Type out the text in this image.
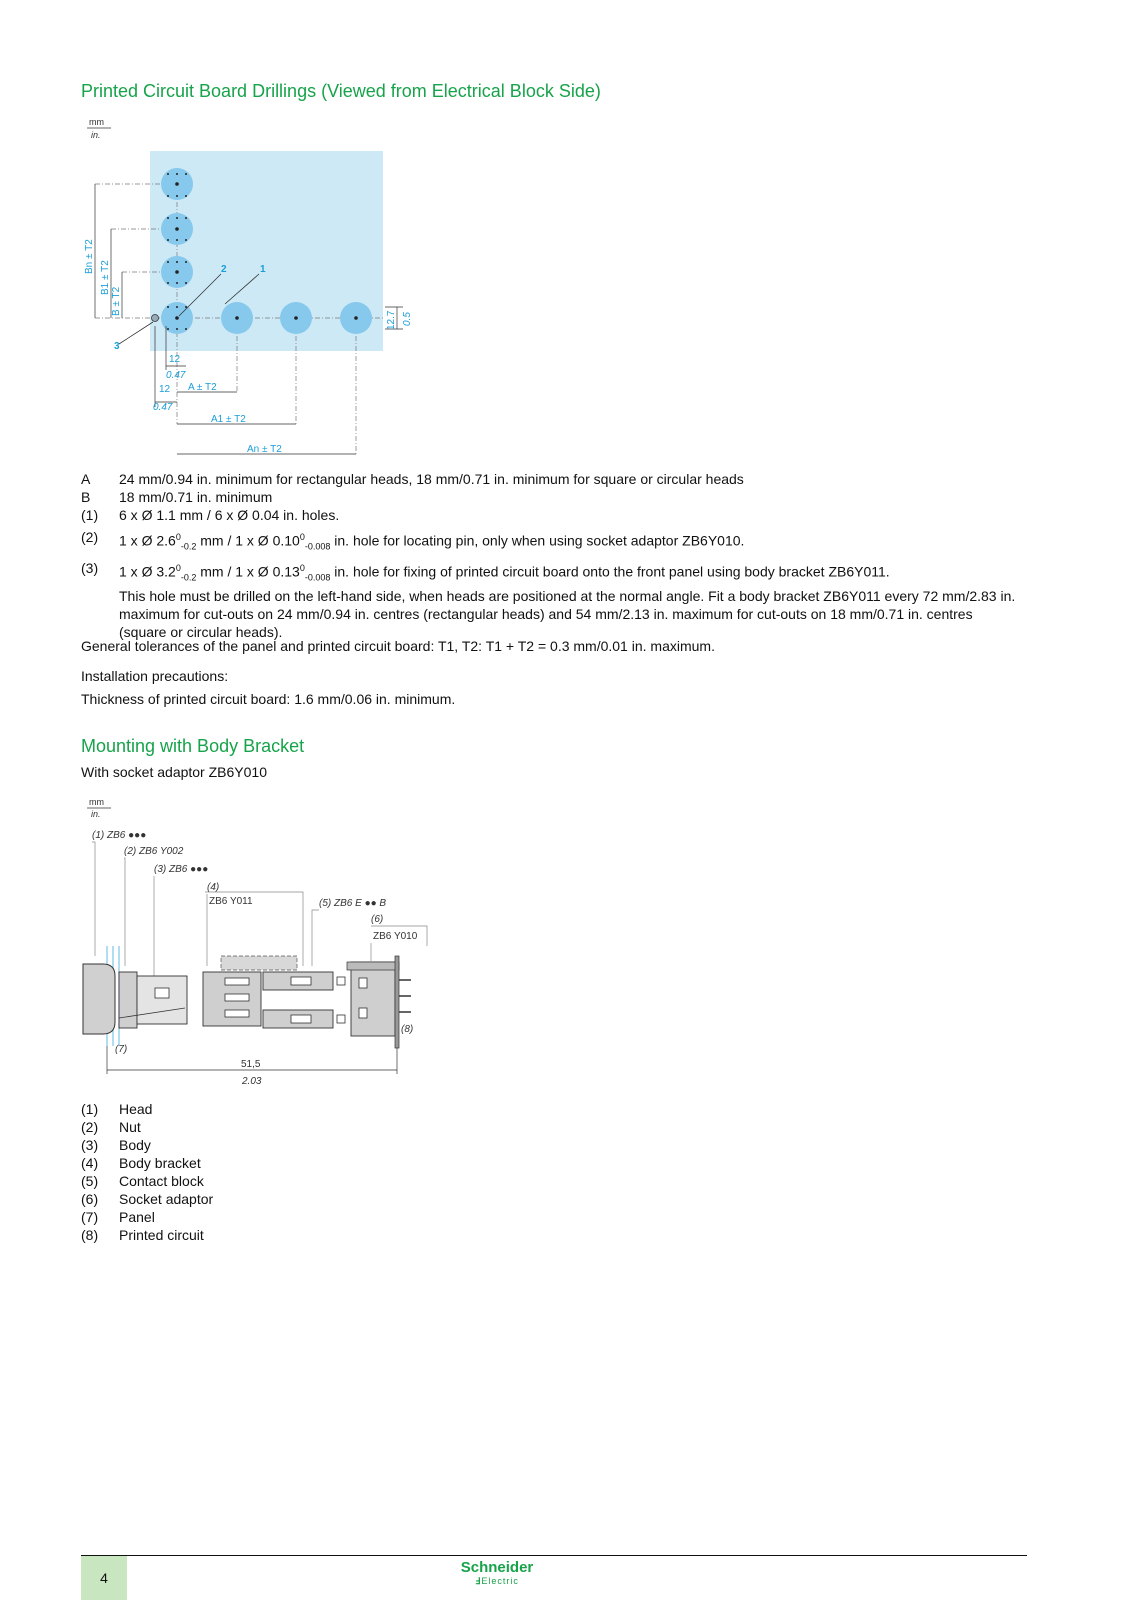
Printed Circuit Board Drillings (Viewed from Electrical Block Side)
mm
in.
Bn ± T2
B1 ± T2
B ± T2
12.7 0.5
2	1
3
12
0.47
12
0.47
A ± T2
A1 ± T2
An ± T2
A	24 mm/0.94 in. minimum for rectangular heads, 18 mm/0.71 in. minimum for square or circular heads
B	18 mm/0.71 in. minimum
(1)	6 x Ø 1.1 mm / 6 x Ø 0.04 in. holes.
(2)	1 x Ø $2.6^0_{-0.2}$ mm / 1 x Ø $0.10^0_{-0.008}$ in. hole for locating pin, only when using socket adaptor ZB6Y010.
(3)	1 x Ø $3.2^0_{-0.2}$ mm / 1 x Ø $0.13^0_{-0.008}$ in. hole for fixing of printed circuit board onto the front panel using body bracket ZB6Y011.
This hole must be drilled on the left-hand side, when heads are positioned at the normal angle. Fit a body bracket ZB6Y011 every 72 mm/2.83 in. maximum for cut-outs on 24 mm/0.94 in. centres (rectangular heads) and 54 mm/2.13 in. maximum for cut-outs on 18 mm/0.71 in. centres (square or circular heads).
General tolerances of the panel and printed circuit board: T1, T2: T1 + T2 = 0.3 mm/0.01 in. maximum.
Installation precautions:
Thickness of printed circuit board: 1.6 mm/0.06 in. minimum.
Mounting with Body Bracket
With socket adaptor ZB6Y010
mm
in.
(1) ZB6 ●●●
(2) ZB6 Y002
(3) ZB6 ●●●
(4)
ZB6 Y011	(5) ZB6 E ●● B
(6)
ZB6 Y010
(7)
(8)
51,5
2.03
(1)	Head
(2)	Nut
(3)	Body
(4)	Body bracket
(5)	Contact block
(6)	Socket adaptor
(7)	Panel
(8)	Printed circuit
4
Schneider
ℲElectric
